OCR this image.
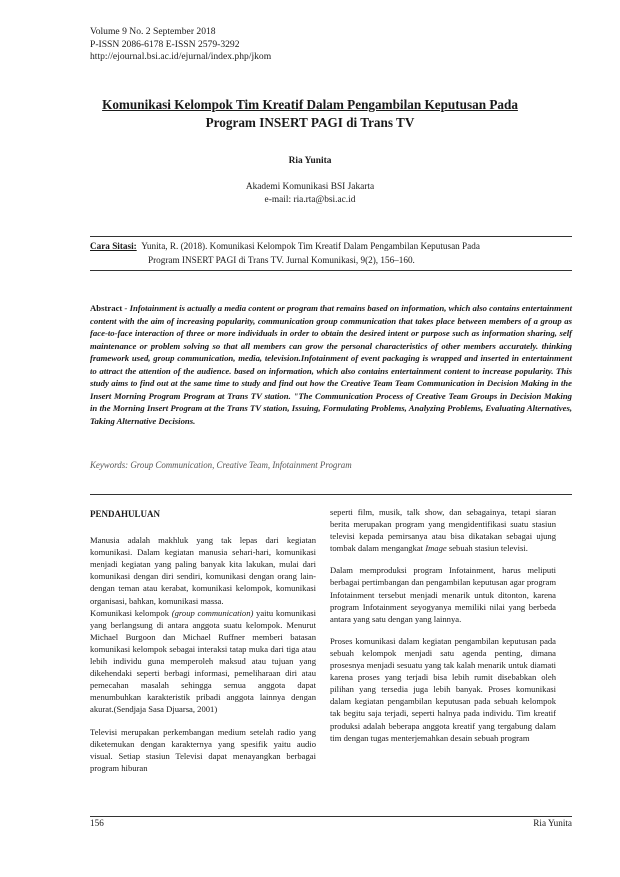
Volume 9 No. 2 September 2018
P-ISSN 2086-6178 E-ISSN 2579-3292
http://ejournal.bsi.ac.id/ejurnal/index.php/jkom
Komunikasi Kelompok Tim Kreatif Dalam Pengambilan Keputusan Pada
Program INSERT PAGI di Trans TV
Ria Yunita
Akademi Komunikasi BSI Jakarta
e-mail: ria.rta@bsi.ac.id
Cara Sitasi: Yunita, R. (2018). Komunikasi Kelompok Tim Kreatif Dalam Pengambilan Keputusan Pada
Program INSERT PAGI di Trans TV. Jurnal Komunikasi, 9(2), 156–160.
Abstract - Infotainment is actually a media content or program that remains based on information, which also contains entertainment content with the aim of increasing popularity, communication group communication that takes place between members of a group as face-to-face interaction of three or more individuals in order to obtain the desired intent or purpose such as information sharing, self maintenance or problem solving so that all members can grow the personal characteristics of other members accurately. thinking framework used, group communication, media, television.Infotainment of event packaging is wrapped and inserted in entertainment to attract the attention of the audience. based on information, which also contains entertainment content to increase popularity. This study aims to find out at the same time to study and find out how the Creative Team Team Communication in Decision Making in the Insert Morning Program Program at Trans TV station. "The Communication Process of Creative Team Groups in Decision Making in the Morning Insert Program at the Trans TV station, Issuing, Formulating Problems, Analyzing Problems, Evaluating Alternatives, Taking Alternative Decisions.
Keywords: Group Communication, Creative Team, Infotainment Program
PENDAHULUAN

Manusia adalah makhluk yang tak lepas dari kegiatan komunikasi. Dalam kegiatan manusia sehari-hari, komunikasi menjadi kegiatan yang paling banyak kita lakukan, mulai dari komunikasi dengan diri sendiri, komunikasi dengan orang lain-dengan teman atau kerabat, komunikasi kelompok, komunikasi organisasi, bahkan, komunikasi massa.

Komunikasi kelompok (group communication) yaitu komunikasi yang berlangsung di antara anggota suatu kelompok. Menurut Michael Burgoon dan Michael Ruffner memberi batasan komunikasi kelompok sebagai interaksi tatap muka dari tiga atau lebih individu guna memperoleh maksud atau tujuan yang dikehendaki seperti berbagi informasi, pemeliharaan diri atau pemecahan masalah sehingga semua anggota dapat menumbuhkan karakteristik pribadi anggota lainnya dengan akurat.(Sendjaja Sasa Djuarsa, 2001)

Televisi merupakan perkembangan medium setelah radio yang diketemukan dengan karakternya yang spesifik yaitu audio visual. Setiap stasiun Televisi dapat menayangkan berbagai program hiburan

seperti film, musik, talk show, dan sebagainya, tetapi siaran berita merupakan program yang mengidentifikasi suatu stasiun televisi kepada pemirsanya atau bisa dikatakan sebagai ujung tombak dalam mengangkat Image sebuah stasiun televisi.

Dalam memproduksi program Infotainment, harus meliputi berbagai pertimbangan dan pengambilan keputusan agar program Infotainment tersebut menjadi menarik untuk ditonton, karena program Infotainment seyogyanya memiliki nilai yang berbeda antara yang satu dengan yang lainnya.

Proses komunikasi dalam kegiatan pengambilan keputusan pada sebuah kelompok menjadi satu agenda penting, dimana prosesnya menjadi sesuatu yang tak kalah menarik untuk diamati karena proses yang terjadi bisa lebih rumit disebabkan oleh pilihan yang tersedia juga lebih banyak. Proses komunikasi dalam kegiatan pengambilan keputusan pada sebuah kelompok tak begitu saja terjadi, seperti halnya pada individu. Tim kreatif produksi adalah beberapa anggota kreatif yang tergabung dalam tim dengan tugas menterjemahkan desain sebuah program

156	Ria Yunita
